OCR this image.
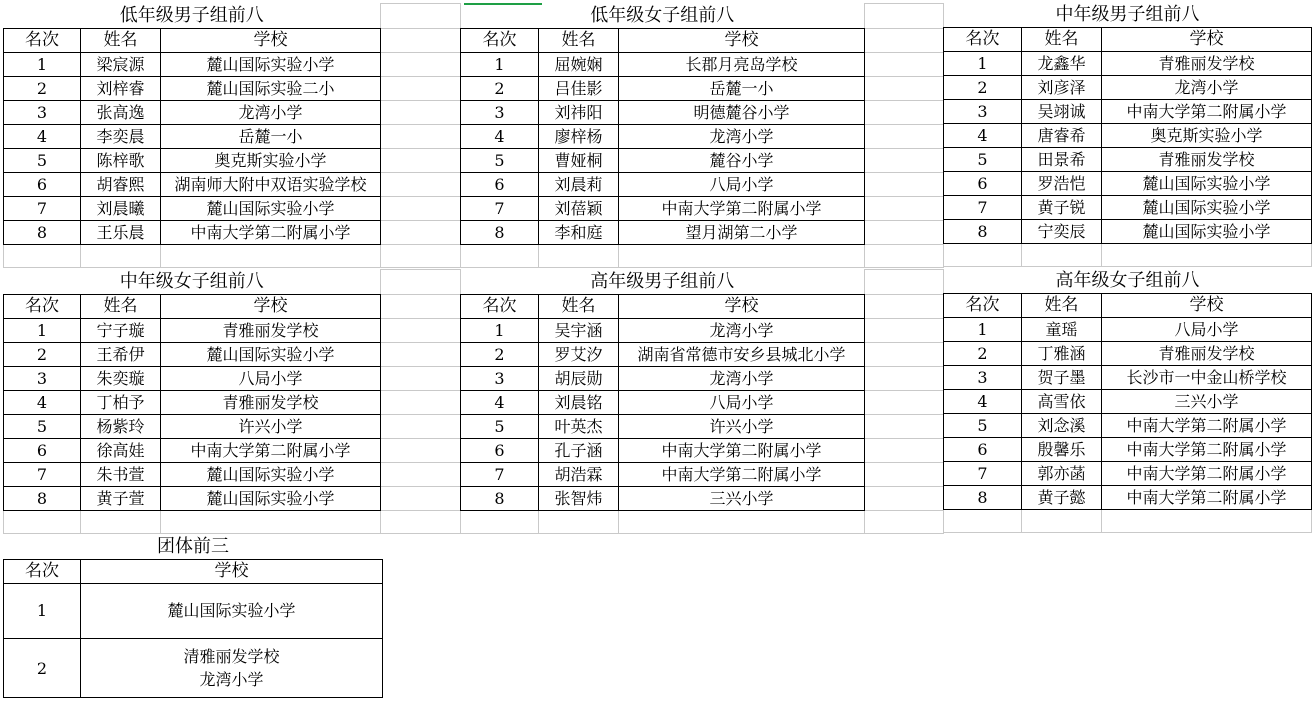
低年级男子组前八			
名次	姓名	学校	
1	梁宸源	麓山国际实验小学	
2	刘梓睿	麓山国际实验二小	
3	张高逸	龙湾小学	
4	李奕晨	岳麓一小	
5	陈梓歌	奥克斯实验小学	
6	胡睿熙	湖南师大附中双语实验学校	
7	刘晨曦	麓山国际实验小学	
8	王乐晨	中南大学第二附属小学	

低年级女子组前八			
名次	姓名	学校	
1	屈婉娴	长郡月亮岛学校	
2	吕佳影	岳麓一小	
3	刘祎阳	明德麓谷小学	
4	廖梓杨	龙湾小学	
5	曹娅桐	麓谷小学	
6	刘晨莉	八局小学	
7	刘蓓颖	中南大学第二附属小学	
8	李和庭	望月湖第二小学	

中年级男子组前八		
名次	姓名	学校
1	龙鑫华	青雅丽发学校
2	刘彦泽	龙湾小学
3	吴翊诚	中南大学第二附属小学
4	唐睿希	奥克斯实验小学
5	田景希	青雅丽发学校
6	罗浩恺	麓山国际实验小学
7	黄子锐	麓山国际实验小学
8	宁奕辰	麓山国际实验小学

中年级女子组前八			
名次	姓名	学校	
1	宁子璇	青雅丽发学校	
2	王希伊	麓山国际实验小学	
3	朱奕璇	八局小学	
4	丁柏予	青雅丽发学校	
5	杨紫玲	许兴小学	
6	徐高娃	中南大学第二附属小学	
7	朱书萱	麓山国际实验小学	
8	黄子萱	麓山国际实验小学	

高年级男子组前八			
名次	姓名	学校	
1	吴宇涵	龙湾小学	
2	罗艾汐	湖南省常德市安乡县城北小学	
3	胡辰勋	龙湾小学	
4	刘晨铭	八局小学	
5	叶英杰	许兴小学	
6	孔子涵	中南大学第二附属小学	
7	胡浩霖	中南大学第二附属小学	
8	张智炜	三兴小学	

高年级女子组前八		
名次	姓名	学校
1	童瑶	八局小学
2	丁雅涵	青雅丽发学校
3	贺子墨	长沙市一中金山桥学校
4	高雪依	三兴小学
5	刘念溪	中南大学第二附属小学
6	殷馨乐	中南大学第二附属小学
7	郭亦菡	中南大学第二附属小学
8	黄子懿	中南大学第二附属小学

团体前三	
名次	学校
1	麓山国际实验小学

2	清雅丽发学校
龙湾小学
